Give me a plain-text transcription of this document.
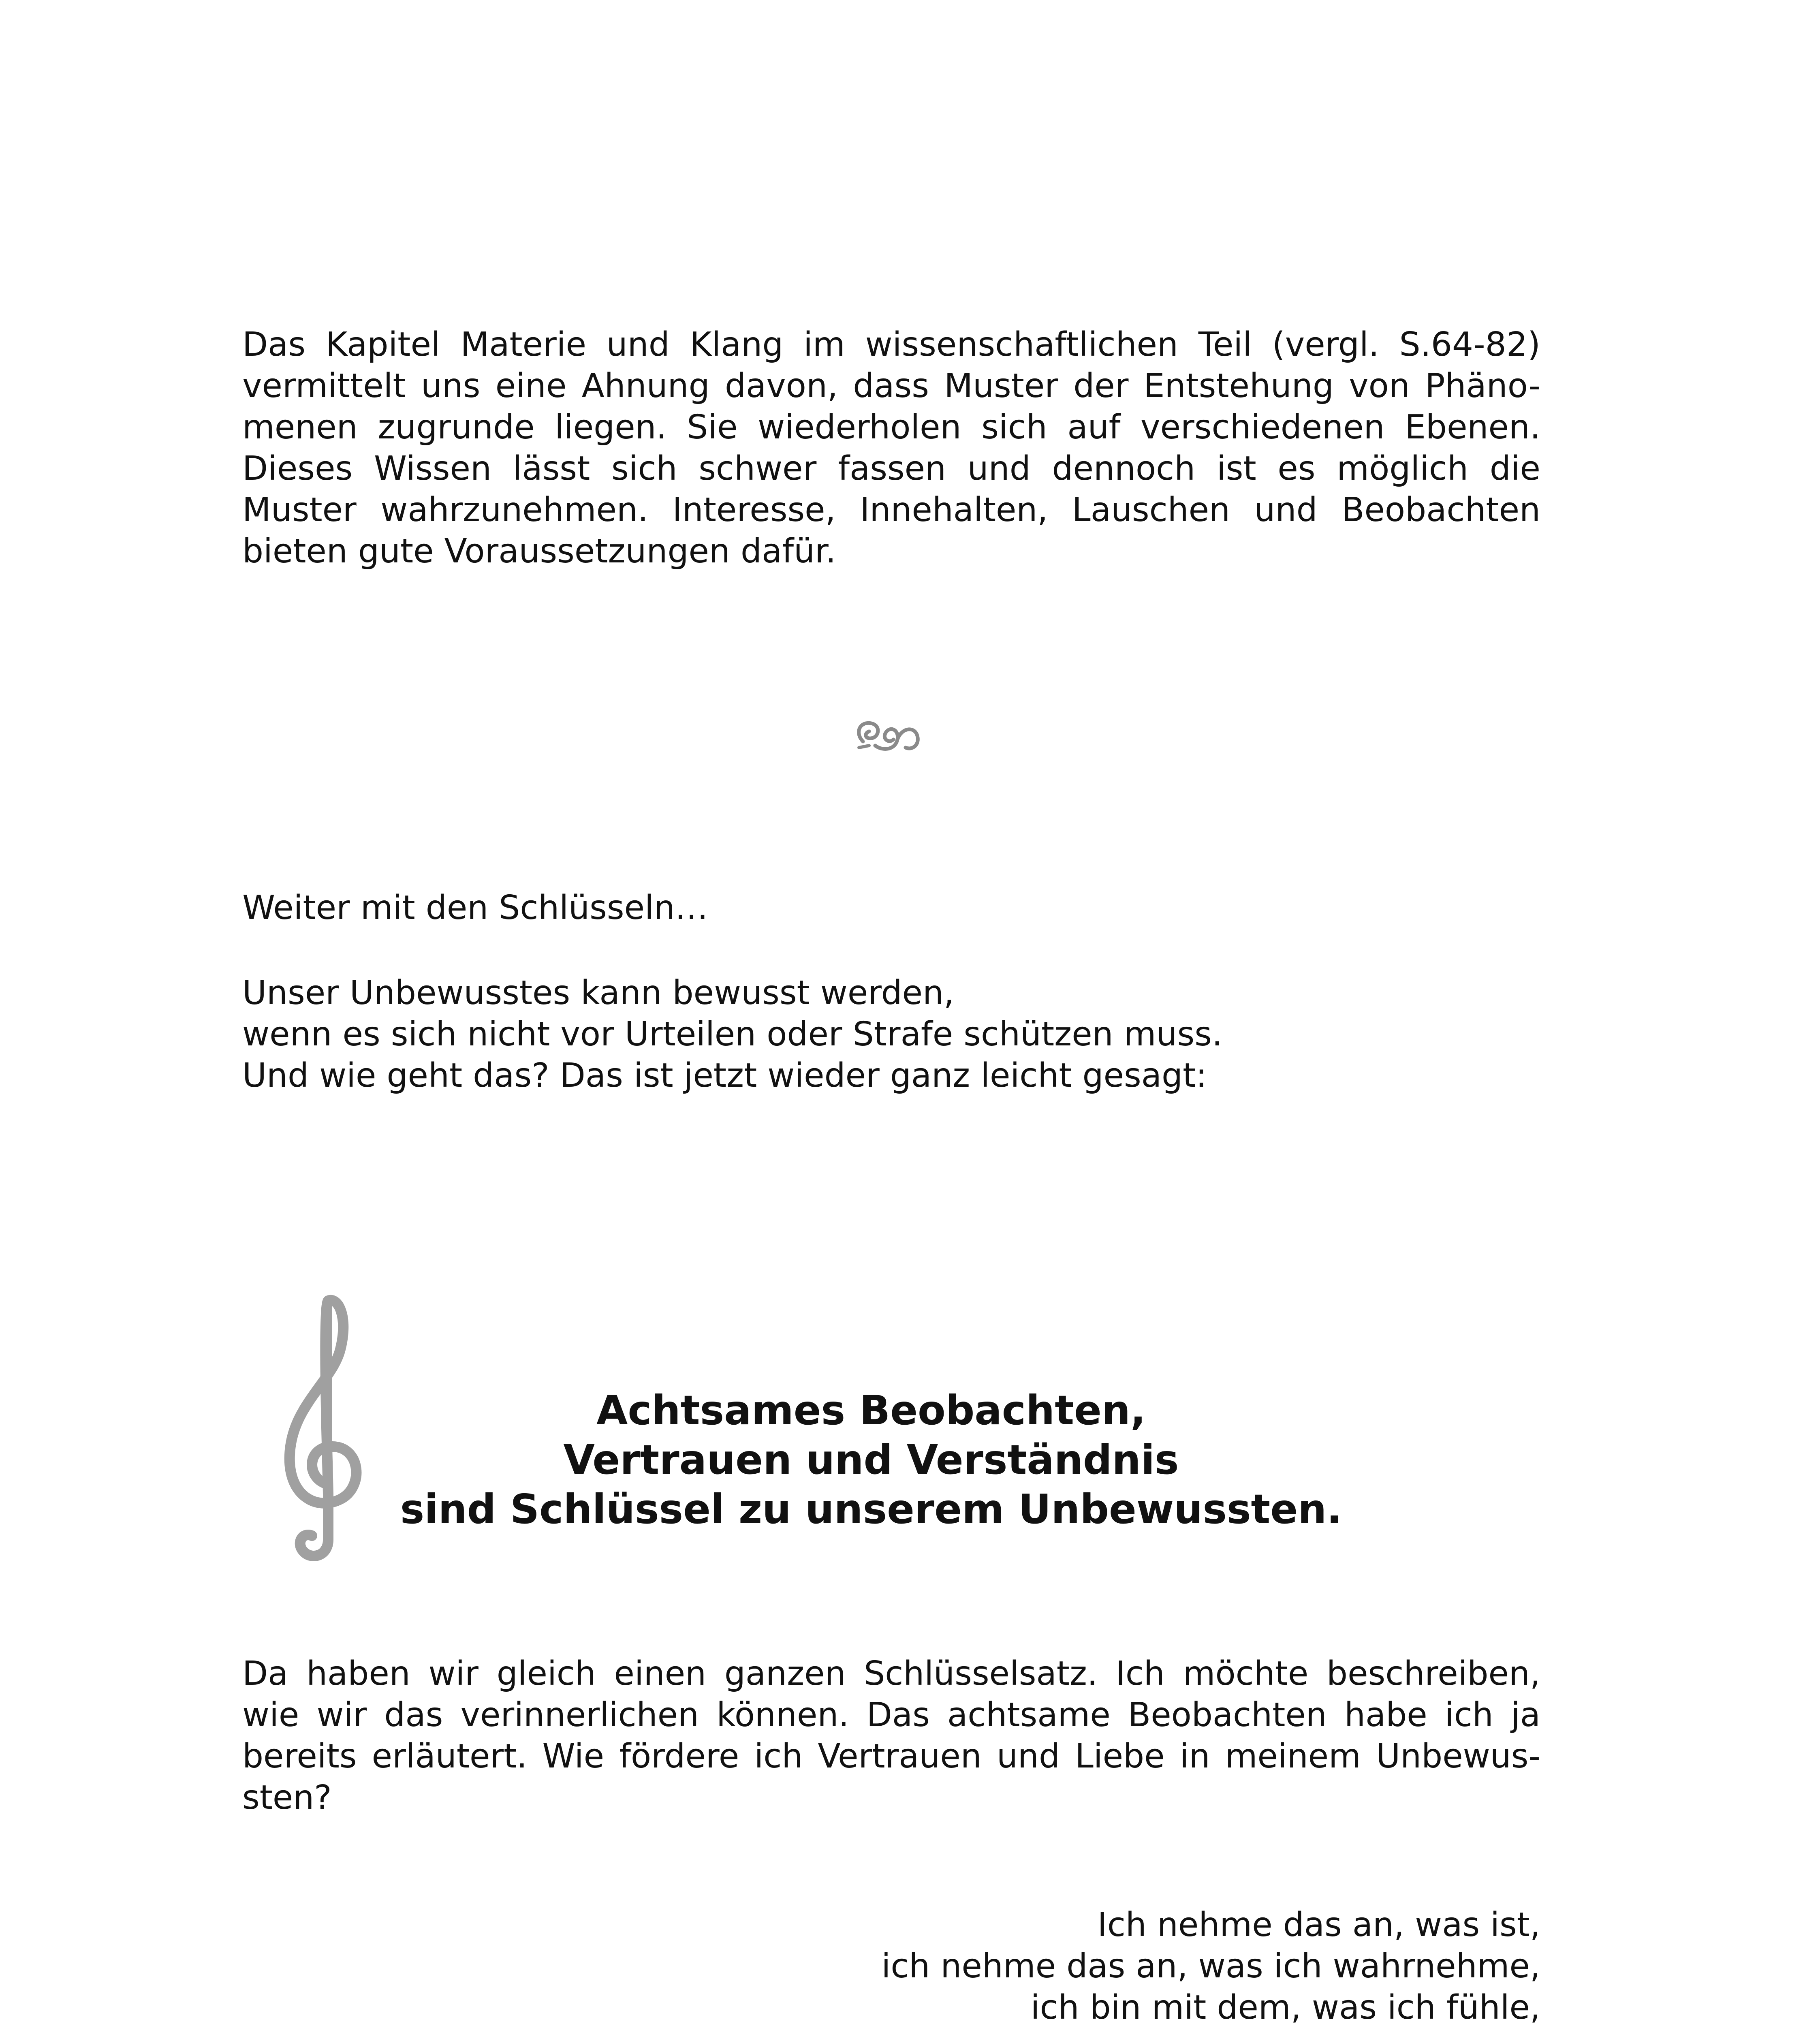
Das Kapitel Materie und Klang im wissenschaftlichen Teil (vergl. S.64-82)
vermittelt uns eine Ahnung davon, dass Muster der Entstehung von Phäno-
menen zugrunde liegen. Sie wiederholen sich auf verschiedenen Ebenen.
Dieses Wissen lässt sich schwer fassen und dennoch ist es möglich die
Muster wahrzunehmen. Interesse, Innehalten, Lauschen und Beobachten
bieten gute Voraussetzungen dafür.
Weiter mit den Schlüsseln…
Unser Unbewusstes kann bewusst werden,
wenn es sich nicht vor Urteilen oder Strafe schützen muss.
Und wie geht das? Das ist jetzt wieder ganz leicht gesagt:
Achtsames Beobachten,
Vertrauen und Verständnis
sind Schlüssel zu unserem Unbewussten.
Da haben wir gleich einen ganzen Schlüsselsatz. Ich möchte beschreiben,
wie wir das verinnerlichen können. Das achtsame Beobachten habe ich ja
bereits erläutert. Wie fördere ich Vertrauen und Liebe in meinem Unbewus-
sten?
Ich nehme das an, was ist,
ich nehme das an, was ich wahrnehme,
ich bin mit dem, was ich fühle,
